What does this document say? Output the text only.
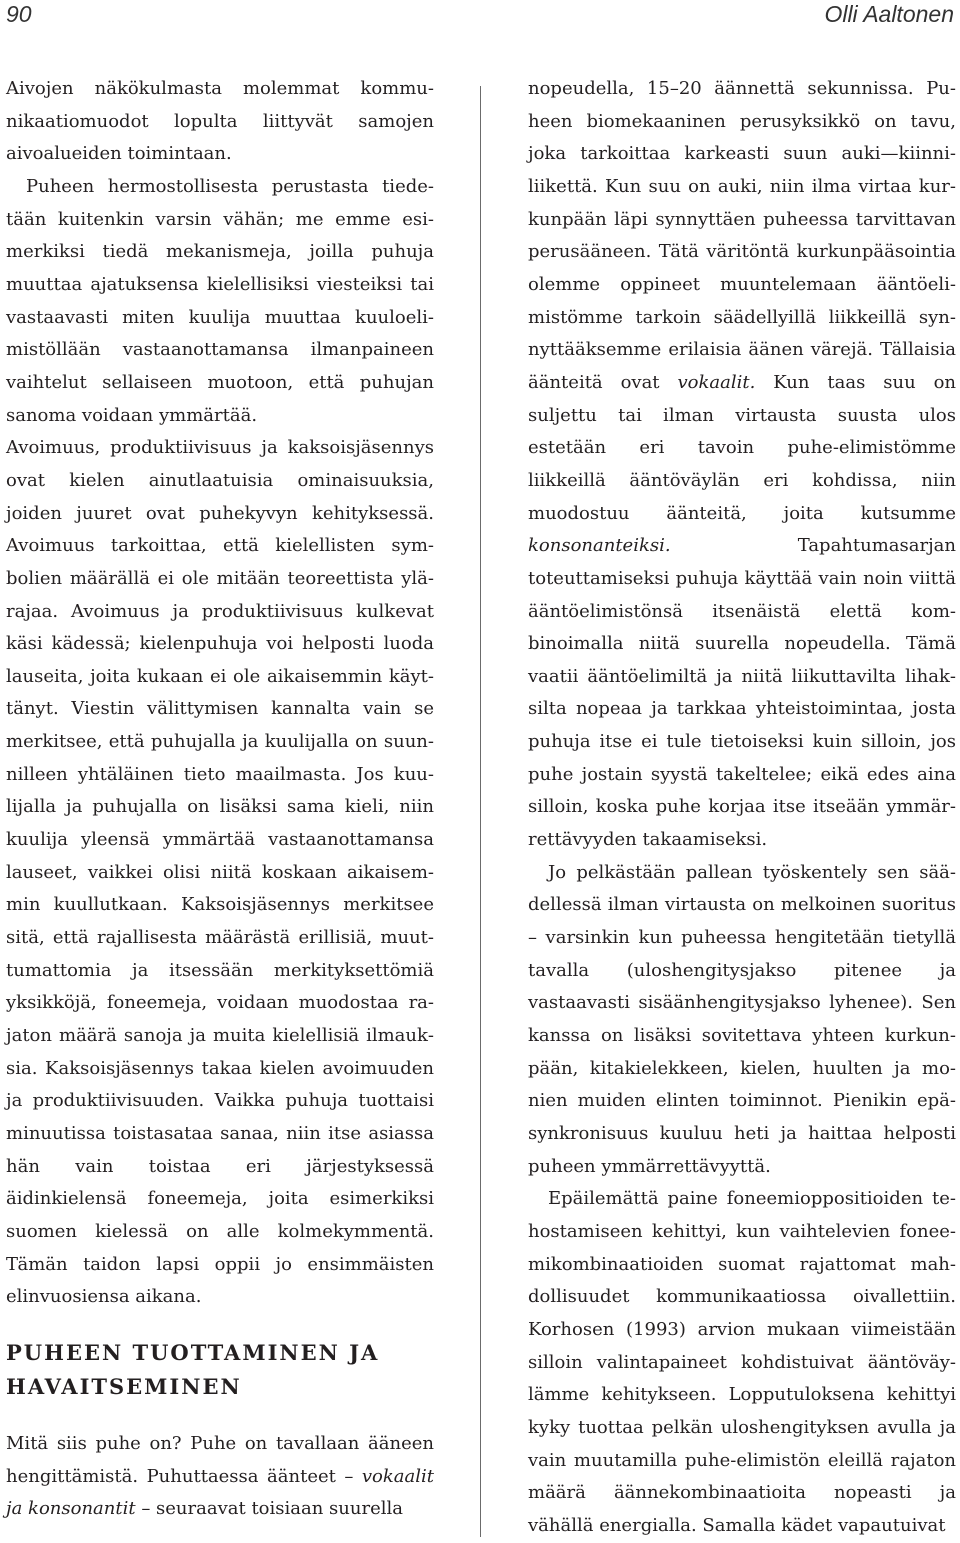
90	Olli Aaltonen

Aivojen näkökulmasta molemmat kommunikaatiomuodot lopulta liittyvät samojen aivoalueiden toimintaan.

Puheen hermostollisesta perustasta tiedetään kuitenkin varsin vähän; me emme esimerkiksi tiedä mekanismeja, joilla puhuja muuttaa ajatuksensa kielellisiksi viesteiksi tai vastaavasti miten kuulija muuttaa kuuloelimistöllään vastaanottamansa ilmanpaineen vaihtelut sellaiseen muotoon, että puhujan sanoma voidaan ymmärtää.

Avoimuus, produktiivisuus ja kaksoisjäsennys ovat kielen ainutlaatuisia ominaisuuksia, joiden juuret ovat puhekyvyn kehityksessä. Avoimuus tarkoittaa, että kielellisten symbolien määrällä ei ole mitään teoreettista ylärajaa. Avoimuus ja produktiivisuus kulkevat käsi kädessä; kielenpuhuja voi helposti luoda lauseita, joita kukaan ei ole aikaisemmin käyttänyt. Viestin välittymisen kannalta vain se merkitsee, että puhujalla ja kuulijalla on suunnilleen yhtäläinen tieto maailmasta. Jos kuulijalla ja puhujalla on lisäksi sama kieli, niin kuulija yleensä ymmärtää vastaanottamansa lauseet, vaikkei olisi niitä koskaan aikaisemmin kuullutkaan. Kaksoisjäsennys merkitsee sitä, että rajallisesta määrästä erillisiä, muuttumattomia ja itsessään merkityksettömiä yksikköjä, foneemeja, voidaan muodostaa rajaton määrä sanoja ja muita kielellisiä ilmauksia. Kaksoisjäsennys takaa kielen avoimuuden ja produktiivisuuden. Vaikka puhuja tuottaisi minuutissa toistasataa sanaa, niin itse asiassa hän vain toistaa eri järjestyksessä äidinkielensä foneemeja, joita esimerkiksi suomen kielessä on alle kolmekymmentä. Tämän taidon lapsi oppii jo ensimmäisten elinvuosiensa aikana.

PUHEEN TUOTTAMINEN JA
HAVAITSEMINEN

Mitä siis puhe on? Puhe on tavallaan ääneen hengittämistä. Puhuttaessa äänteet – vokaalit ja konsonantit – seuraavat toisiaan suurella

nopeudella, 15–20 äännettä sekunnissa. Puheen biomekaaninen perusyksikkö on tavu, joka tarkoittaa karkeasti suun auki—kiinniliikettä. Kun suu on auki, niin ilma virtaa kurkunpään läpi synnyttäen puheessa tarvittavan perusääneen. Tätä väritöntä kurkunpääsointia olemme oppineet muuntelemaan ääntöelimistömme tarkoin säädellyillä liikkeillä synnyttääksemme erilaisia äänen värejä. Tällaisia äänteitä ovat vokaalit. Kun taas suu on suljettu tai ilman virtausta suusta ulos estetään eri tavoin puhe-elimistömme liikkeillä ääntöväylän eri kohdissa, niin muodostuu äänteitä, joita kutsumme konsonanteiksi. Tapahtumasarjan toteuttamiseksi puhuja käyttää vain noin viittä ääntöelimistönsä itsenäistä elettä kombinoimalla niitä suurella nopeudella. Tämä vaatii ääntöelimiltä ja niitä liikuttavilta lihaksilta nopeaa ja tarkkaa yhteistoimintaa, josta puhuja itse ei tule tietoiseksi kuin silloin, jos puhe jostain syystä takeltelee; eikä edes aina silloin, koska puhe korjaa itse itseään ymmärrettävyyden takaamiseksi.

Jo pelkästään pallean työskentely sen säädellessä ilman virtausta on melkoinen suoritus – varsinkin kun puheessa hengitetään tietyllä tavalla (uloshengitysjakso pitenee ja vastaavasti sisäänhengitysjakso lyhenee). Sen kanssa on lisäksi sovitettava yhteen kurkunpään, kitakielekkeen, kielen, huulten ja monien muiden elinten toiminnot. Pienikin epäsynkronisuus kuuluu heti ja haittaa helposti puheen ymmärrettävyyttä.

Epäilemättä paine foneemioppositioiden tehostamiseen kehittyi, kun vaihtelevien foneemikombinaatioiden suomat rajattomat mahdollisuudet kommunikaatiossa oivallettiin. Korhosen (1993) arvion mukaan viimeistään silloin valintapaineet kohdistuivat ääntöväylämme kehitykseen. Lopputuloksena kehittyi kyky tuottaa pelkän uloshengityksen avulla ja vain muutamilla puhe-elimistön eleillä rajaton määrä äännekombinaatioita nopeasti ja vähällä energialla. Samalla kädet vapautuivat
